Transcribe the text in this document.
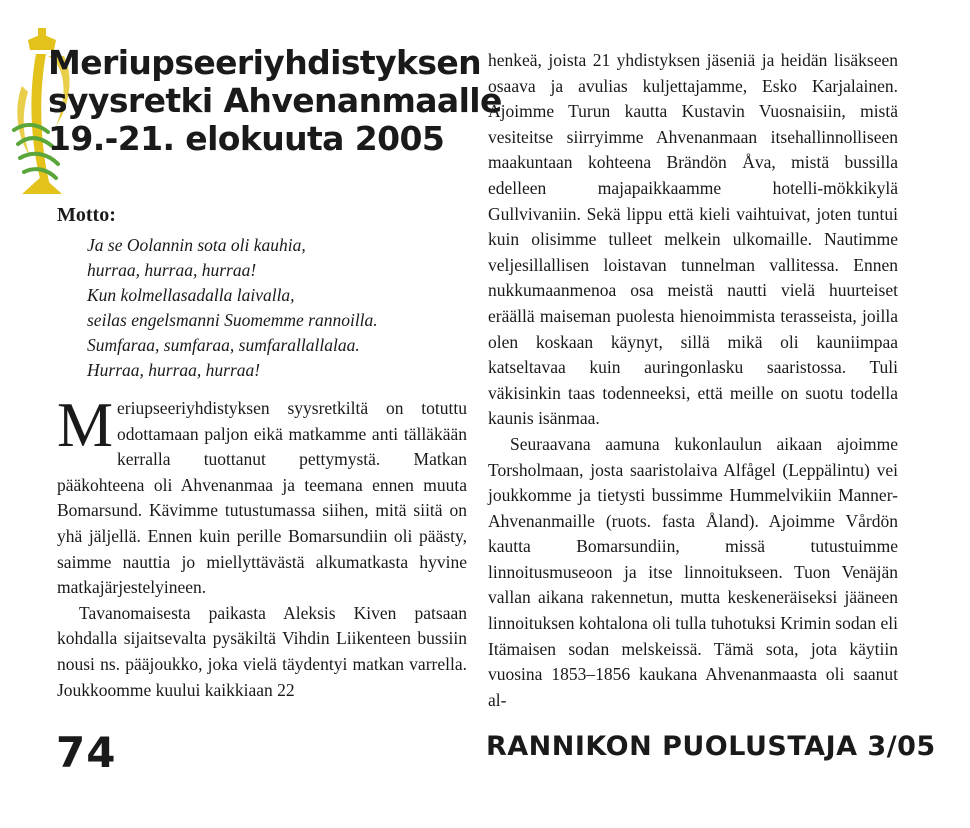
Meriupseeriyhdistyksen
syysretki Ahvenanmaalle
19.-21. elokuuta 2005

Motto:

Ja se Oolannin sota oli kauhia,
hurraa, hurraa, hurraa!
Kun kolmellasadalla laivalla,
seilas engelsmanni Suomemme rannoilla.
Sumfaraa, sumfaraa, sumfarallallalaa.
Hurraa, hurraa, hurraa!

Meriupseeriyhdistyksen syysretkiltä on totuttu odottamaan paljon eikä matkamme anti tälläkään kerralla tuottanut pettymystä. Matkan pääkohteena oli Ahvenanmaa ja teemana ennen muuta Bomarsund. Kävimme tutustumassa siihen, mitä siitä on yhä jäljellä. Ennen kuin perille Bomarsundiin oli päästy, saimme nauttia jo miellyttävästä alkumatkasta hyvine matkajärjestelyineen.

Tavanomaisesta paikasta Aleksis Kiven patsaan kohdalla sijaitsevalta pysäkiltä Vihdin Liikenteen bussiin nousi ns. pääjoukko, joka vielä täydentyi matkan varrella. Joukkoomme kuului kaikkiaan 22

henkeä, joista 21 yhdistyksen jäseniä ja heidän lisäkseen osaava ja avulias kuljettajamme, Esko Karjalainen. Ajoimme Turun kautta Kustavin Vuosnaisiin, mistä vesiteitse siirryimme Ahvenanmaan itsehallinnolliseen maakuntaan kohteena Brändön Åva, mistä bussilla edelleen majapaikkaamme hotelli-mökkikylä Gullvivaniin. Sekä lippu että kieli vaihtuivat, joten tuntui kuin olisimme tulleet melkein ulkomaille. Nautimme veljesillallisen loistavan tunnelman vallitessa. Ennen nukkumaanmenoa osa meistä nautti vielä huurteiset eräällä maiseman puolesta hienoimmista terasseista, joilla olen koskaan käynyt, sillä mikä oli kauniimpaa katseltavaa kuin auringonlasku saaristossa. Tuli väkisinkin taas todenneeksi, että meille on suotu todella kaunis isänmaa.

Seuraavana aamuna kukonlaulun aikaan ajoimme Torsholmaan, josta saaristolaiva Alfågel (Leppälintu) vei joukkomme ja tietysti bussimme Hummelvikiin Manner-Ahvenanmaille (ruots. fasta Åland). Ajoimme Vårdön kautta Bomarsundiin, missä tutustuimme linnoitusmuseoon ja itse linnoitukseen. Tuon Venäjän vallan aikana rakennetun, mutta keskeneräiseksi jääneen linnoituksen kohtalona oli tulla tuhotuksi Krimin sodan eli Itämaisen sodan melskeissä. Tämä sota, jota käytiin vuosina 1853–1856 kaukana Ahvenanmaasta oli saanut al-

74	RANNIKON PUOLUSTAJA 3/05
